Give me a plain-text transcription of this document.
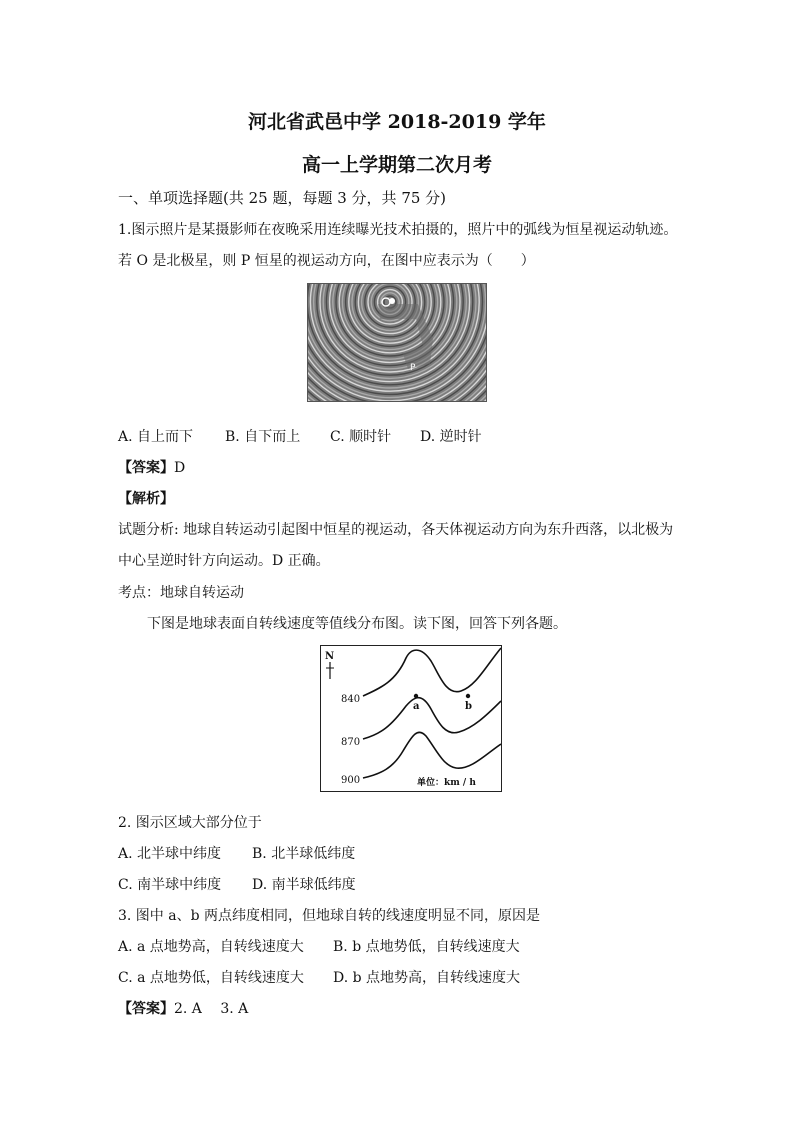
河北省武邑中学 2018-2019 学年
高一上学期第二次月考
一、单项选择题(共 25 题，每题 3 分，共 75 分)
1.图示照片是某摄影师在夜晚采用连续曝光技术拍摄的，照片中的弧线为恒星视运动轨迹。
若 O 是北极星，则 P 恒星的视运动方向，在图中应表示为（　　）
P
A. 自上而下 B. 自下而上 C. 顺时针 D. 逆时针
【答案】D
【解析】
试题分析: 地球自转运动引起图中恒星的视运动，各天体视运动方向为东升西落，以北极为
中心呈逆时针方向运动。D 正确。
考点：地球自转运动
下图是地球表面自转线速度等值线分布图。读下图，回答下列各题。
N
840
870
900
a	b
单位：km / h
2. 图示区域大部分位于
A. 北半球中纬度 B. 北半球低纬度
C. 南半球中纬度 D. 南半球低纬度
3. 图中 a、b 两点纬度相同，但地球自转的线速度明显不同，原因是
A. a 点地势高，自转线速度大 B. b 点地势低，自转线速度大
C. a 点地势低，自转线速度大 D. b 点地势高，自转线速度大
【答案】2. A　 3. A
